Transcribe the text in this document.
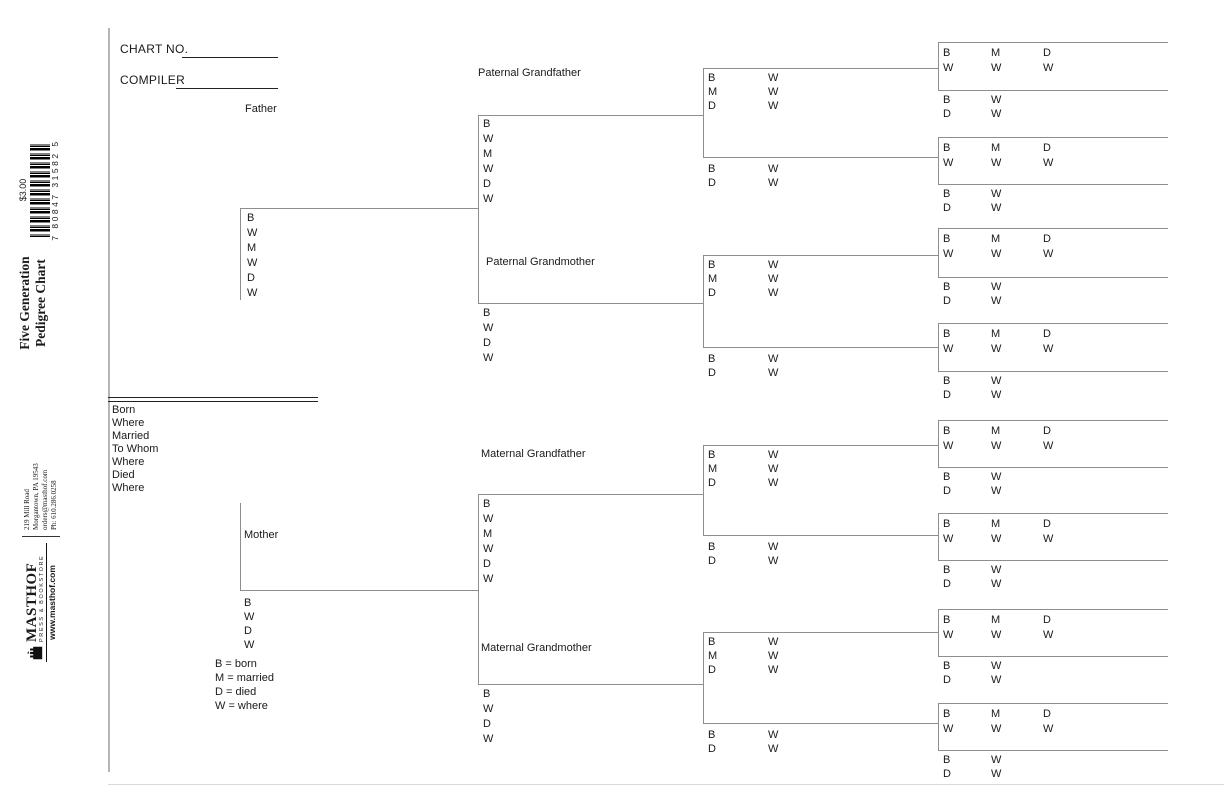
$3.00	7 80847 31582 5
Five Generation Pedigree Chart
MASTHOF PRESS & BOOKSTORE www.masthof.com
219 Mill Road Morgantown, PA 19543 orders@masthof.com Ph: 610.286.0258
CHART NO.
COMPILER
Father
Mother
Paternal Grandfather
Paternal Grandmother
Maternal Grandfather
Maternal Grandmother
Born
Where
Married
To Whom
Where
Died
Where
B
W
M
W
D
W
B
W
D
W
B
W
M
W
D
W
B
W
D
W
B
W
M
W
D
W
B
W
D
W
B = born
M = married
D = died
W = where
B	W
M	W
D	W
B	W
D	W
B	W
M	W
D	W
B	W
D	W
B	W
M	W
D	W
B	W
D	W
B	W
M	W
D	W
B	W
D	W
B	M	D
W	W	W
B	W
D	W
B	M	D
W	W	W
B	W
D	W
B	M	D
W	W	W
B	W
D	W
B	M	D
W	W	W
B	W
D	W
B	M	D
W	W	W
B	W
D	W
B	M	D
W	W	W
B	W
D	W
B	M	D
W	W	W
B	W
D	W
B	M	D
W	W	W
B	W
D	W
